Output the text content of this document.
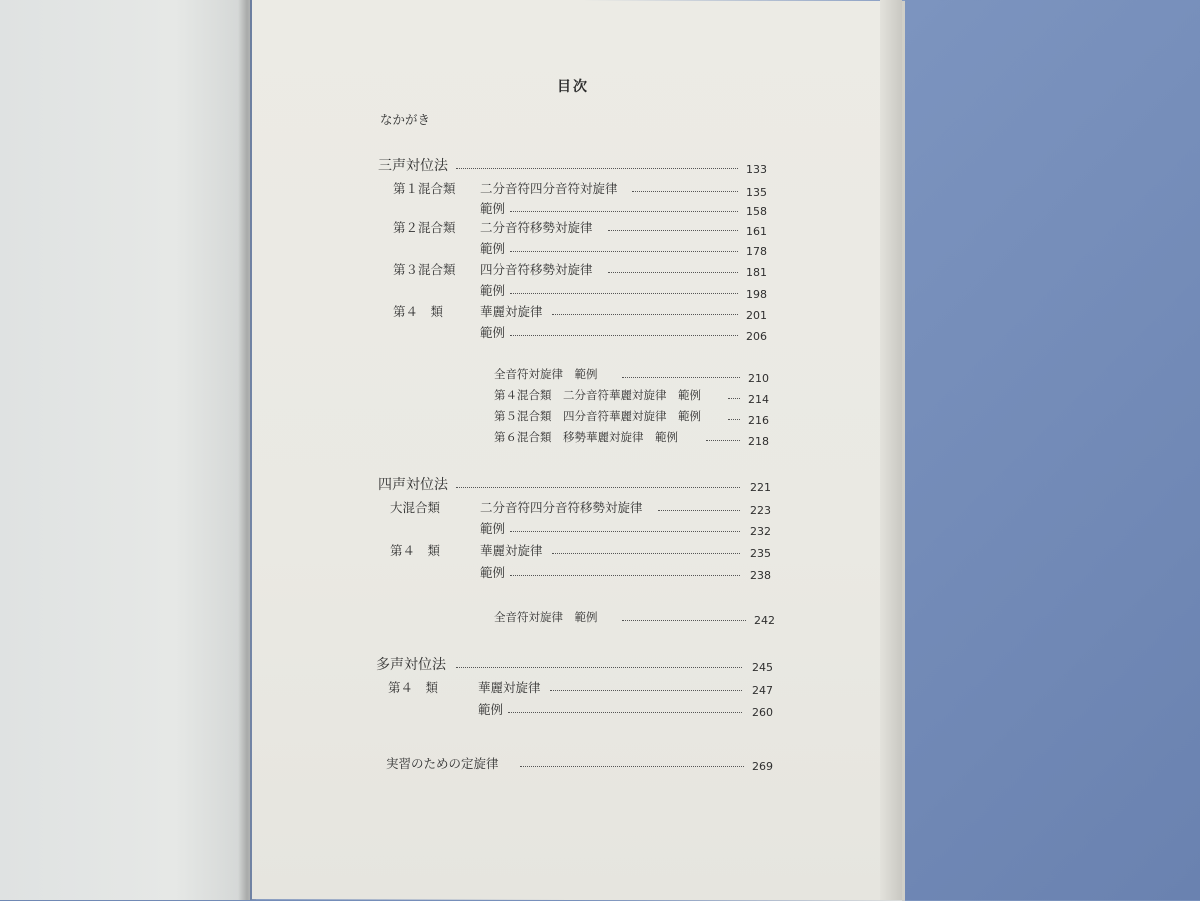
目次
なかがき
三声対位法	133
第１混合類 二分音符四分音符対旋律	135
範例	158
第２混合類 二分音符移勢対旋律	161
範例	178
第３混合類 四分音符移勢対旋律	181
範例	198
第４　類	華麗対旋律	201
範例	206
全音符対旋律　範例	210
第４混合類　二分音符華麗対旋律　範例	214
第５混合類　四分音符華麗対旋律　範例	216
第６混合類　移勢華麗対旋律　範例	218
四声対位法	221
大混合類	二分音符四分音符移勢対旋律	223
範例	232
第４　類	華麗対旋律	235
範例	238
全音符対旋律　範例	242
多声対位法	245
第４　類	華麗対旋律	247
範例	260
実習のための定旋律	269
